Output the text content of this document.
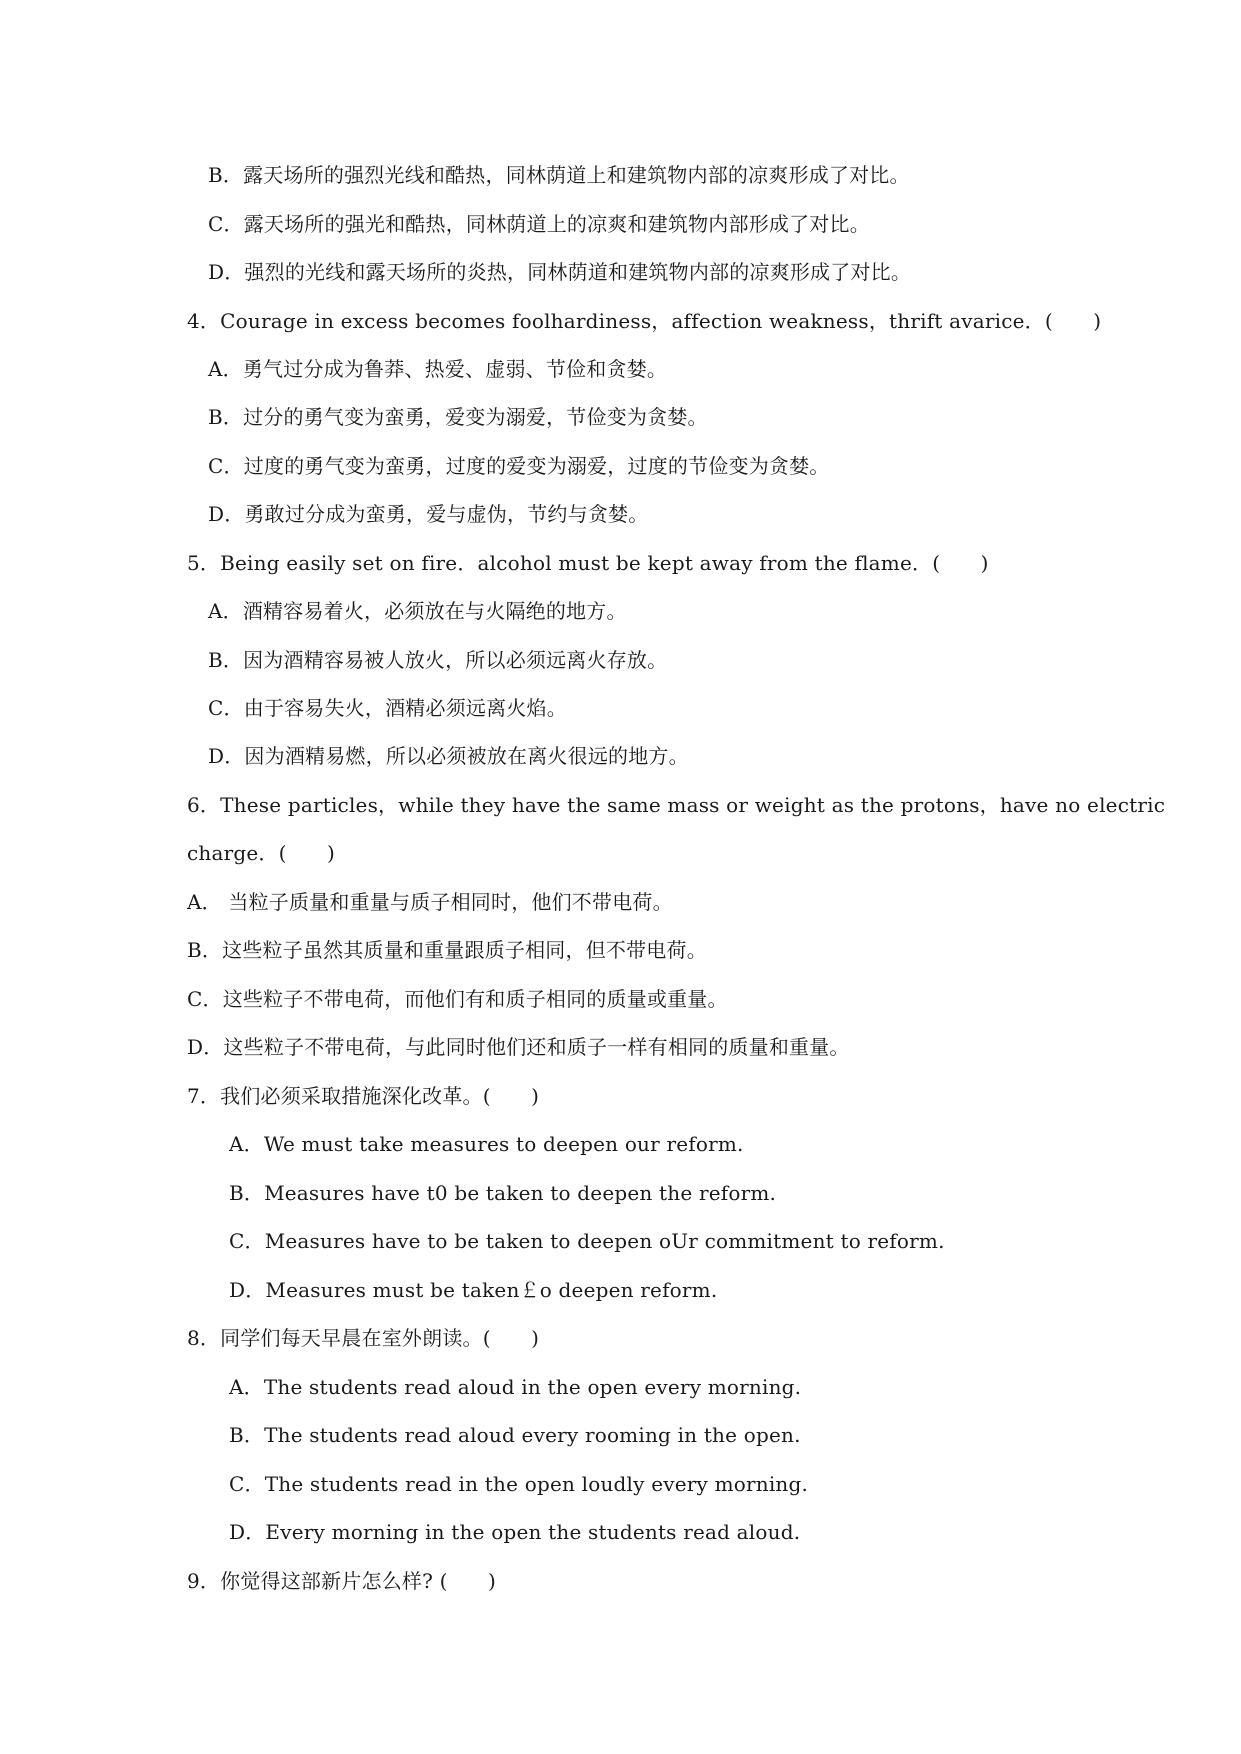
B．露天场所的强烈光线和酷热，同林荫道上和建筑物内部的凉爽形成了对比。
C．露天场所的强光和酷热，同林荫道上的凉爽和建筑物内部形成了对比。
D．强烈的光线和露天场所的炎热，同林荫道和建筑物内部的凉爽形成了对比。
4．Courage in excess becomes foolhardiness，affection weakness，thrift avarice．(　　)
A．勇气过分成为鲁莽、热爱、虚弱、节俭和贪婪。
B．过分的勇气变为蛮勇，爱变为溺爱，节俭变为贪婪。
C．过度的勇气变为蛮勇，过度的爱变为溺爱，过度的节俭变为贪婪。
D．勇敢过分成为蛮勇，爱与虚伪，节约与贪婪。
5．Being easily set on fire．alcohol must be kept away from the flame．(　　)
A．酒精容易着火，必须放在与火隔绝的地方。
B．因为酒精容易被人放火，所以必须远离火存放。
C．由于容易失火，酒精必须远离火焰。
D．因为酒精易燃，所以必须被放在离火很远的地方。
6．These particles，while they have the same mass or weight as the protons，have no electric
charge．(　　)
A． 当粒子质量和重量与质子相同时，他们不带电荷。
B．这些粒子虽然其质量和重量跟质子相同，但不带电荷。
C．这些粒子不带电荷，而他们有和质子相同的质量或重量。
D．这些粒子不带电荷，与此同时他们还和质子一样有相同的质量和重量。
7．我们必须采取措施深化改革。(　　)
A．We must take measures to deepen our reform.
B．Measures have t0 be taken to deepen the reform.
C．Measures have to be taken to deepen oUr commitment to reform.
D．Measures must be taken￡o deepen reform.
8．同学们每天早晨在室外朗读。(　　)
A．The students read aloud in the open every morning.
B．The students read aloud every rooming in the open.
C．The students read in the open loudly every morning.
D．Every morning in the open the students read aloud.
9．你觉得这部新片怎么样? (　　)
